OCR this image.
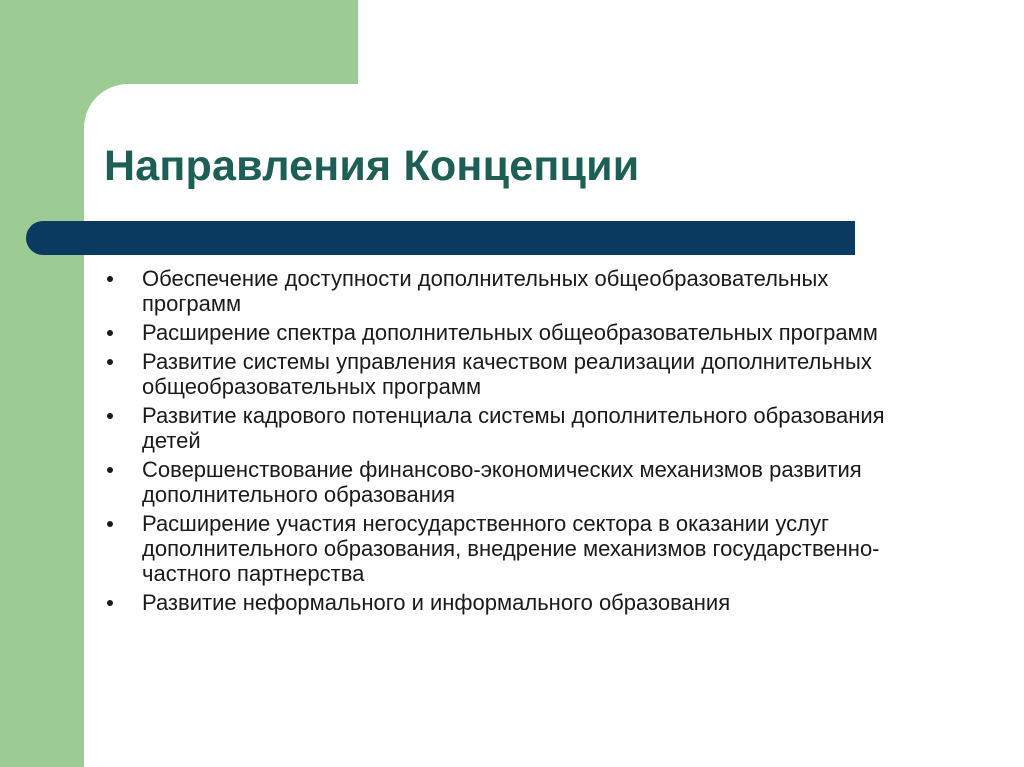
Направления Концепции
Обеспечение доступности дополнительных общеобразовательных программ
Расширение спектра дополнительных общеобразовательных программ
Развитие системы управления качеством реализации дополнительных общеобразовательных программ
Развитие кадрового потенциала системы дополнительного образования детей
Совершенствование финансово-экономических механизмов развития дополнительного образования
Расширение участия негосударственного сектора в оказании услуг дополнительного образования, внедрение механизмов государственно-частного партнерства
Развитие неформального и информального образования
